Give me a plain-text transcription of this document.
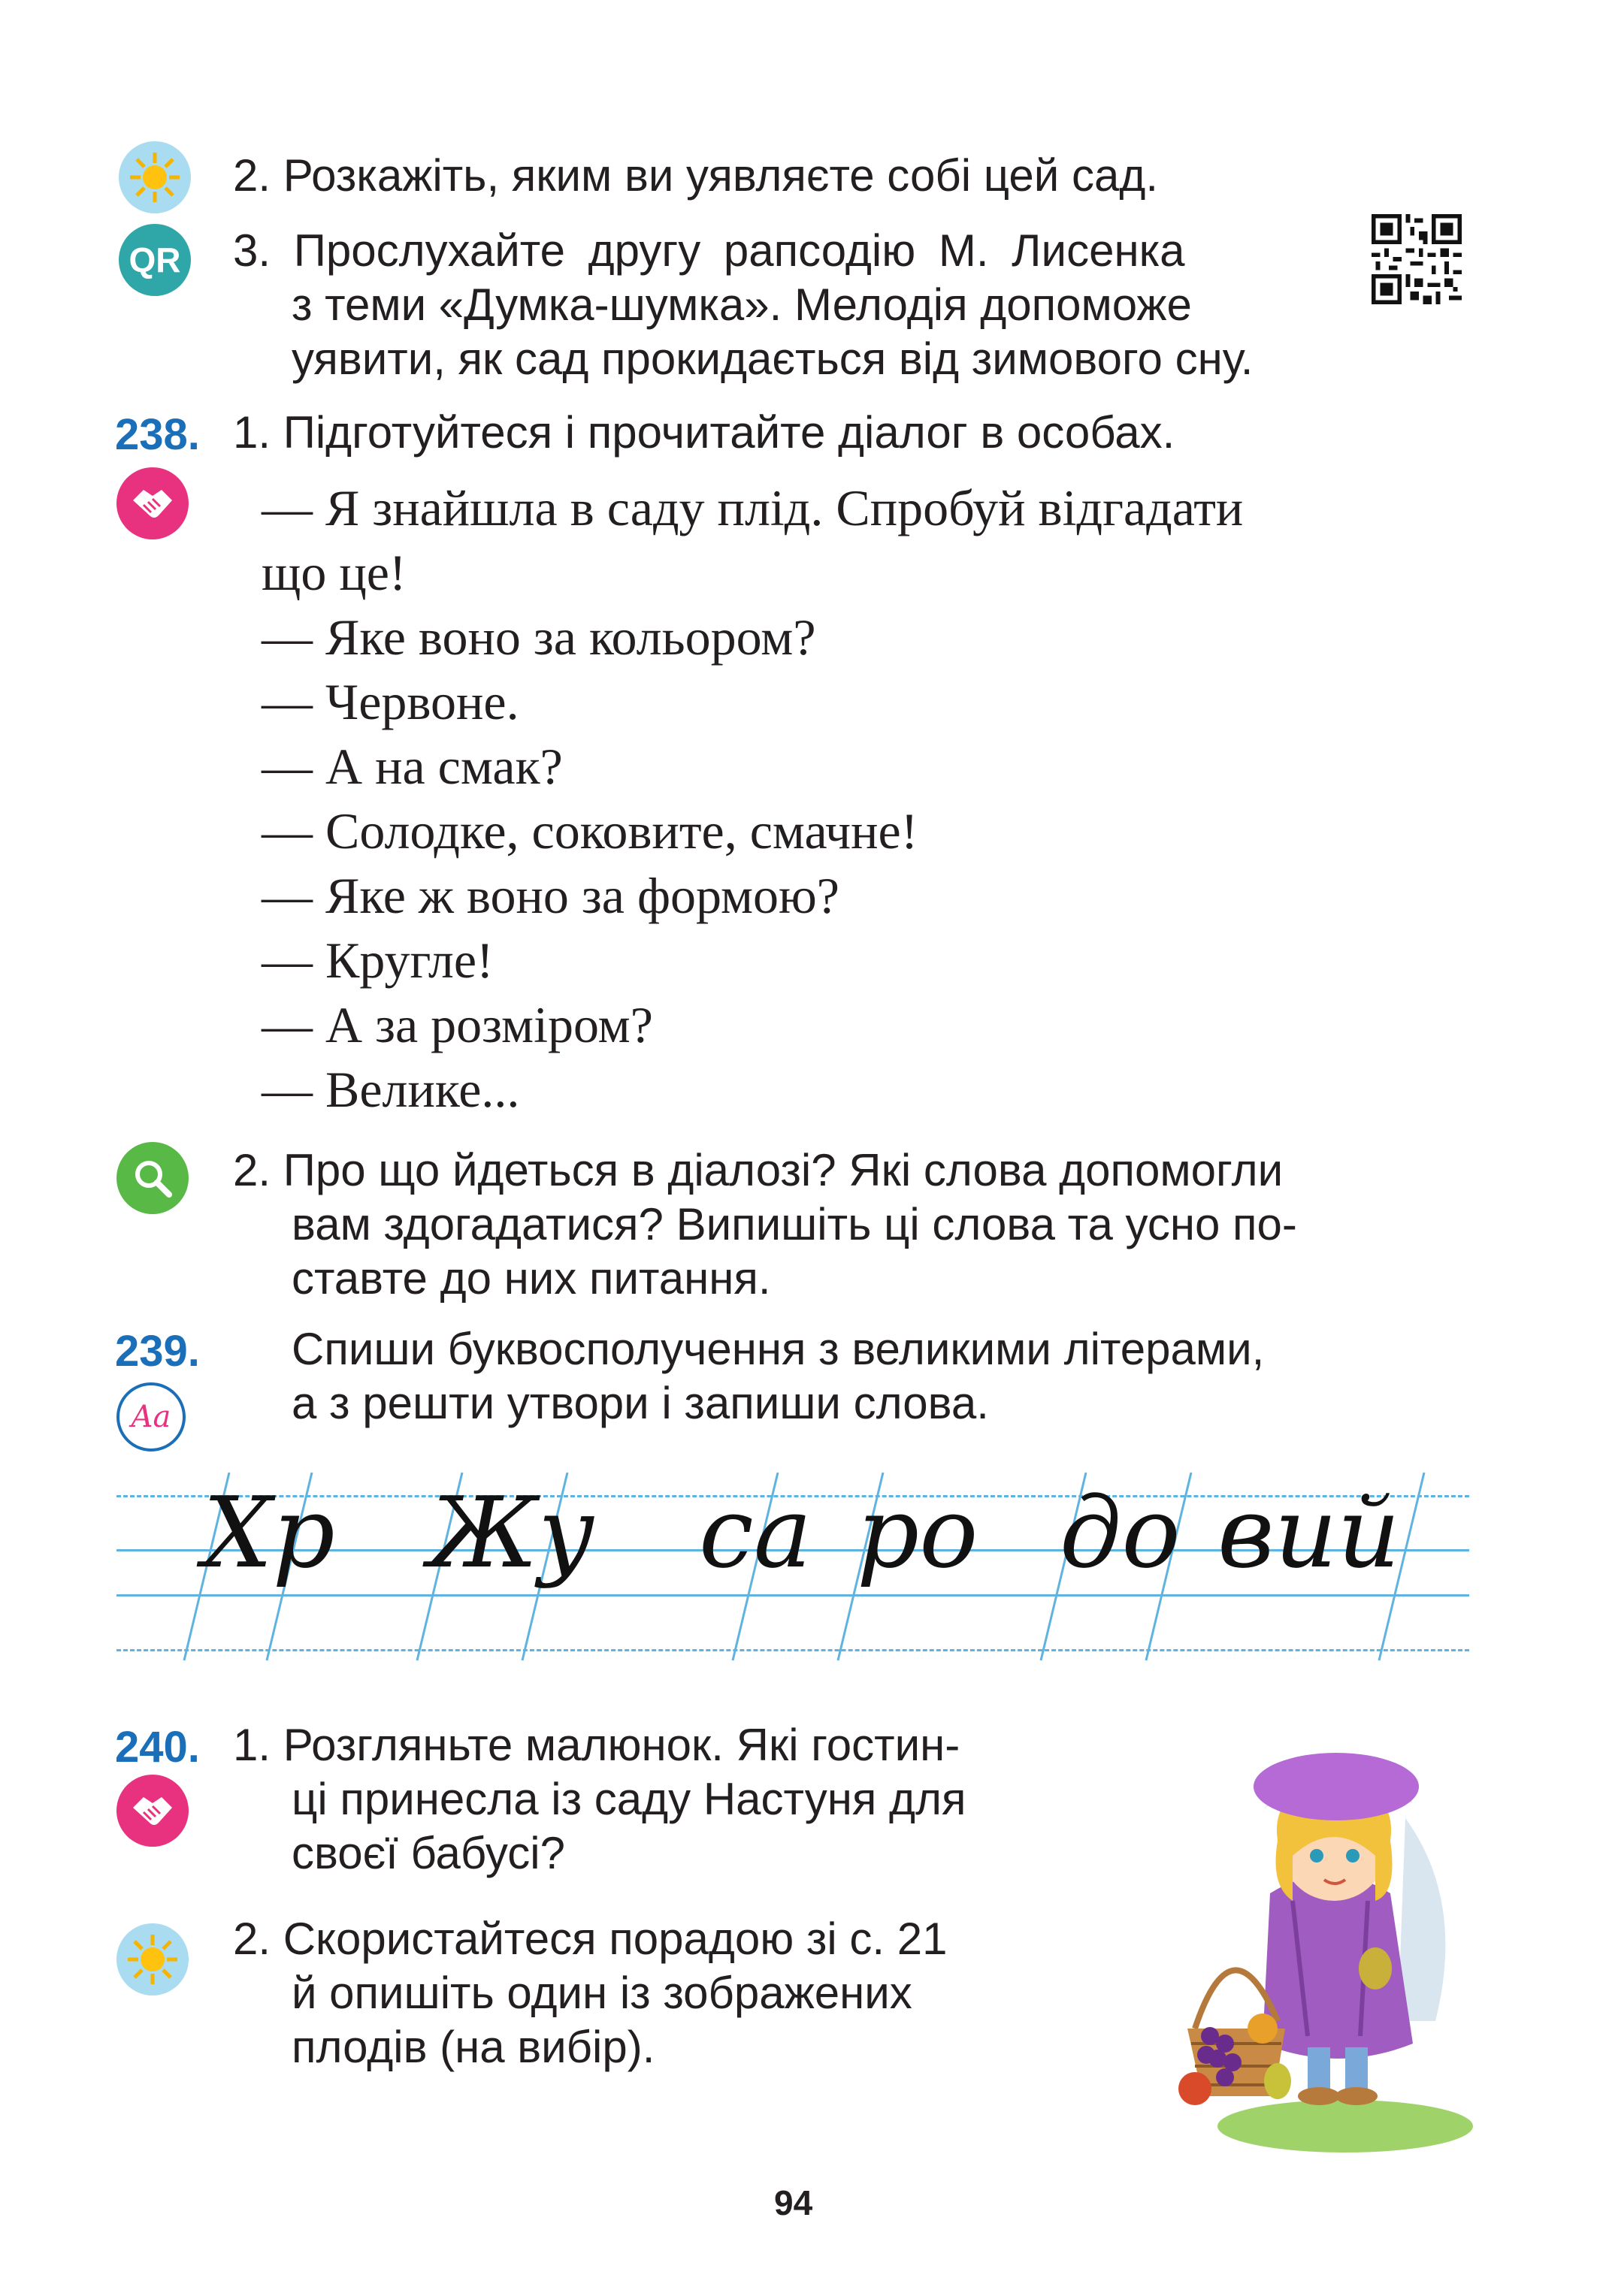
2. Розкажіть, яким ви уявляєте собі цей сад.
QR 3. Прослухайте другу рапсодію М. Лисенка
з теми «Думка-шумка». Мелодія допоможе
уявити, як сад прокидається від зимового сну.
238. 1. Підготуйтеся і прочитайте діалог в особах.
— Я знайшла в саду плід. Спробуй відгадати
що це!
— Яке воно за кольором?
— Червоне.
— А на смак?
— Солодке, соковите, смачне!
— Яке ж воно за формою?
— Кругле!
— А за розміром?
— Велике...
2. Про що йдеться в діалозі? Які слова допомогли
вам здогадатися? Випишіть ці слова та усно по-
ставте до них питання.
239. Спиши буквосполучення з великими літерами,
а з решти утвори і запиши слова.
Aa
Хр Жу са ро до вий
240. 1. Розгляньте малюнок. Які гостин-
ці принесла із саду Настуня для
своєї бабусі?
2. Скористайтеся порадою зі с. 21
й опишіть один із зображених
плодів (на вибір).
94
